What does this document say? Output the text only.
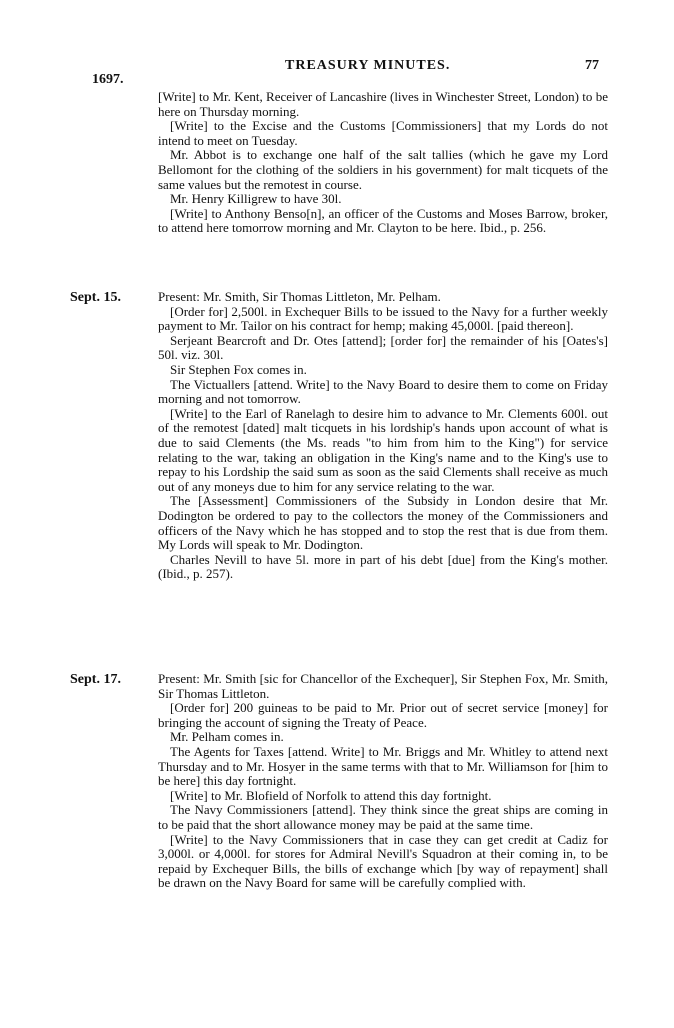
TREASURY MINUTES.	77
1697.

[Write] to Mr. Kent, Receiver of Lancashire (lives in Winchester Street, London) to be here on Thursday morning.

[Write] to the Excise and the Customs [Commissioners] that my Lords do not intend to meet on Tuesday.

Mr. Abbot is to exchange one half of the salt tallies (which he gave my Lord Bellomont for the clothing of the soldiers in his government) for malt ticquets of the same values but the remotest in course.

Mr. Henry Killigrew to have 30l.

[Write] to Anthony Benso[n], an officer of the Customs and Moses Barrow, broker, to attend here tomorrow morning and Mr. Clayton to be here. Ibid., p. 256.

Sept. 15.	Present: Mr. Smith, Sir Thomas Littleton, Mr. Pelham.

[Order for] 2,500l. in Exchequer Bills to be issued to the Navy for a further weekly payment to Mr. Tailor on his contract for hemp; making 45,000l. [paid thereon].

Serjeant Bearcroft and Dr. Otes [attend]; [order for] the remainder of his [Oates's] 50l. viz. 30l.

Sir Stephen Fox comes in.

The Victuallers [attend. Write] to the Navy Board to desire them to come on Friday morning and not tomorrow.

[Write] to the Earl of Ranelagh to desire him to advance to Mr. Clements 600l. out of the remotest [dated] malt ticquets in his lordship's hands upon account of what is due to said Clements (the Ms. reads "to him from him to the King") for service relating to the war, taking an obligation in the King's name and to the King's use to repay to his Lordship the said sum as soon as the said Clements shall receive as much out of any moneys due to him for any service relating to the war.

The [Assessment] Commissioners of the Subsidy in London desire that Mr. Dodington be ordered to pay to the collectors the money of the Commissioners and officers of the Navy which he has stopped and to stop the rest that is due from them. My Lords will speak to Mr. Dodington.

Charles Nevill to have 5l. more in part of his debt [due] from the King's mother. (Ibid., p. 257).

Sept. 17.	Present: Mr. Smith [sic for Chancellor of the Exchequer], Sir Stephen Fox, Mr. Smith, Sir Thomas Littleton.

[Order for] 200 guineas to be paid to Mr. Prior out of secret service [money] for bringing the account of signing the Treaty of Peace.

Mr. Pelham comes in.

The Agents for Taxes [attend. Write] to Mr. Briggs and Mr. Whitley to attend next Thursday and to Mr. Hosyer in the same terms with that to Mr. Williamson for [him to be here] this day fortnight.

[Write] to Mr. Blofield of Norfolk to attend this day fortnight.

The Navy Commissioners [attend]. They think since the great ships are coming in to be paid that the short allowance money may be paid at the same time.

[Write] to the Navy Commissioners that in case they can get credit at Cadiz for 3,000l. or 4,000l. for stores for Admiral Nevill's Squadron at their coming in, to be repaid by Exchequer Bills, the bills of exchange which [by way of repayment] shall be drawn on the Navy Board for same will be carefully complied with.
